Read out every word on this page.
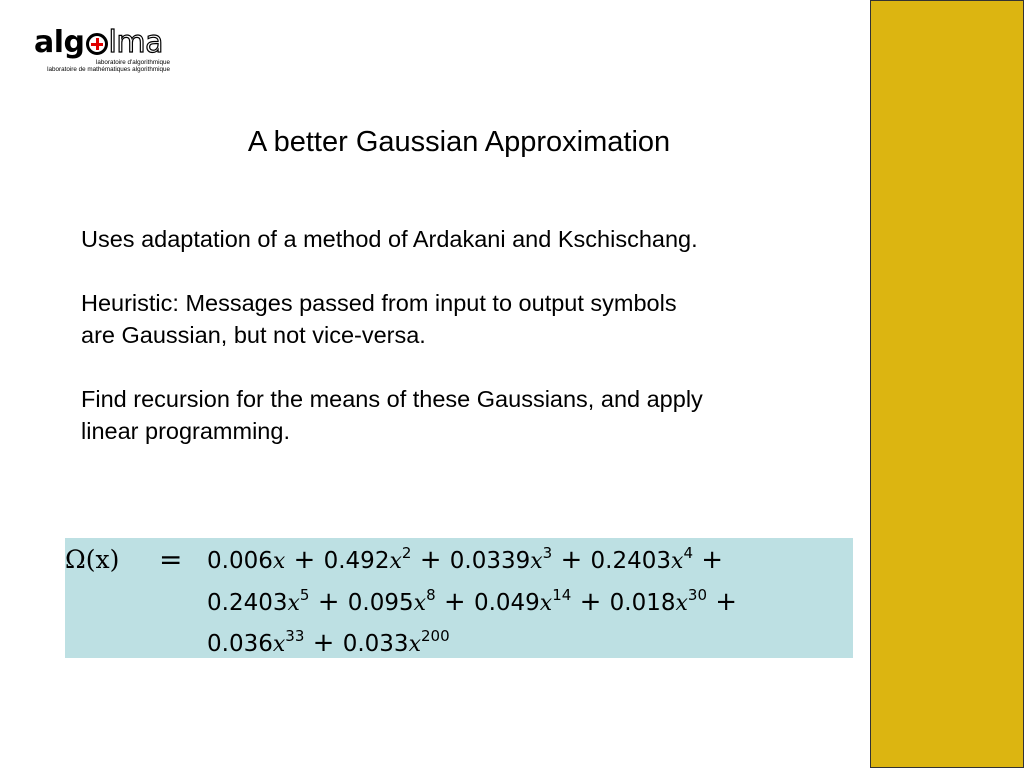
alg lma
laboratoire d'algorithmique
laboratoire de mathématiques algorithmique
A better Gaussian Approximation

Uses adaptation of a method of Ardakani and Kschischang.

Heuristic: Messages passed from input to output symbols

are Gaussian, but not vice-versa.

Find recursion for the means of these Gaussians, and apply

linear programming.

$\Omega(x) = 0.006x + 0.492x^2 + 0.0339x^3 + 0.2403x^4$ +
$0.2403x^5 + 0.095x^8 + 0.049x^{14} + 0.018x^{30}$ +
$0.036x^{33} + 0.033x^{200}$
